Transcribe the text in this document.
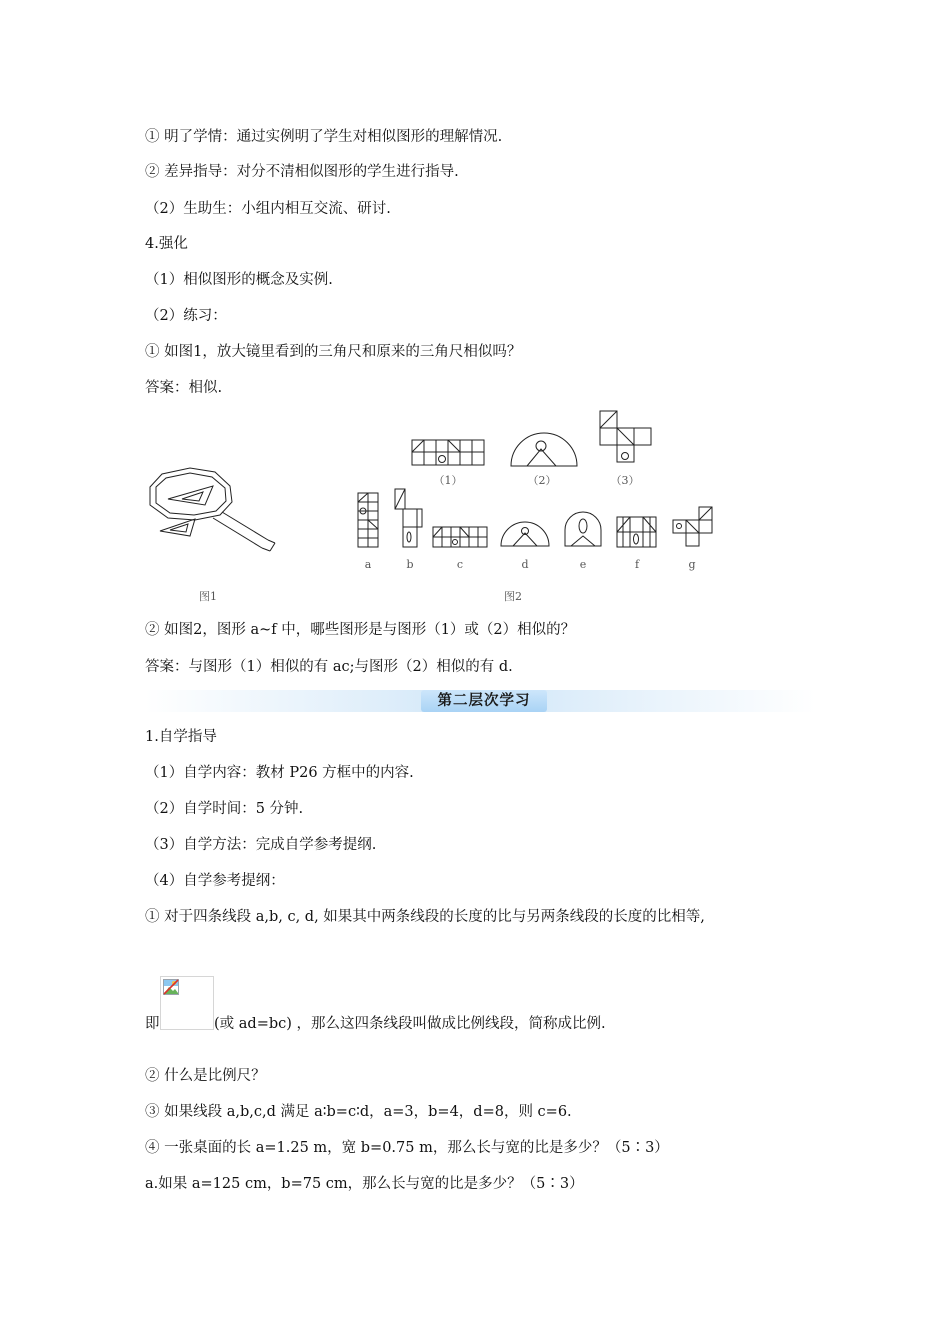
① 明了学情：通过实例明了学生对相似图形的理解情况.
② 差异指导：对分不清相似图形的学生进行指导.
（2）生助生：小组内相互交流、研讨.
4.强化
（1）相似图形的概念及实例.
（2）练习：
① 如图1，放大镜里看到的三角尺和原来的三角尺相似吗？
答案：相似.
图1
（1）	（2）	（3）
a	b	c	d	e	f	g
图2
② 如图2，图形 a~f 中，哪些图形是与图形（1）或（2）相似的？
答案：与图形（1）相似的有 ac;与图形（2）相似的有 d.
第二层次学习
1.自学指导
（1）自学内容：教材 P26 方框中的内容.
（2）自学时间：5 分钟.
（3）自学方法：完成自学参考提纲.
（4）自学参考提纲：
① 对于四条线段 a,b, c, d, 如果其中两条线段的长度的比与另两条线段的长度的比相等,
即	(或 ad=bc) ，那么这四条线段叫做成比例线段，简称成比例.
② 什么是比例尺？
③ 如果线段 a,b,c,d 满足 a∶b=c∶d，a=3，b=4，d=8，则 c=6.
④ 一张桌面的长 a=1.25 m，宽 b=0.75 m，那么长与宽的比是多少？（5∶3）
a.如果 a=125 cm，b=75 cm，那么长与宽的比是多少？（5∶3）
